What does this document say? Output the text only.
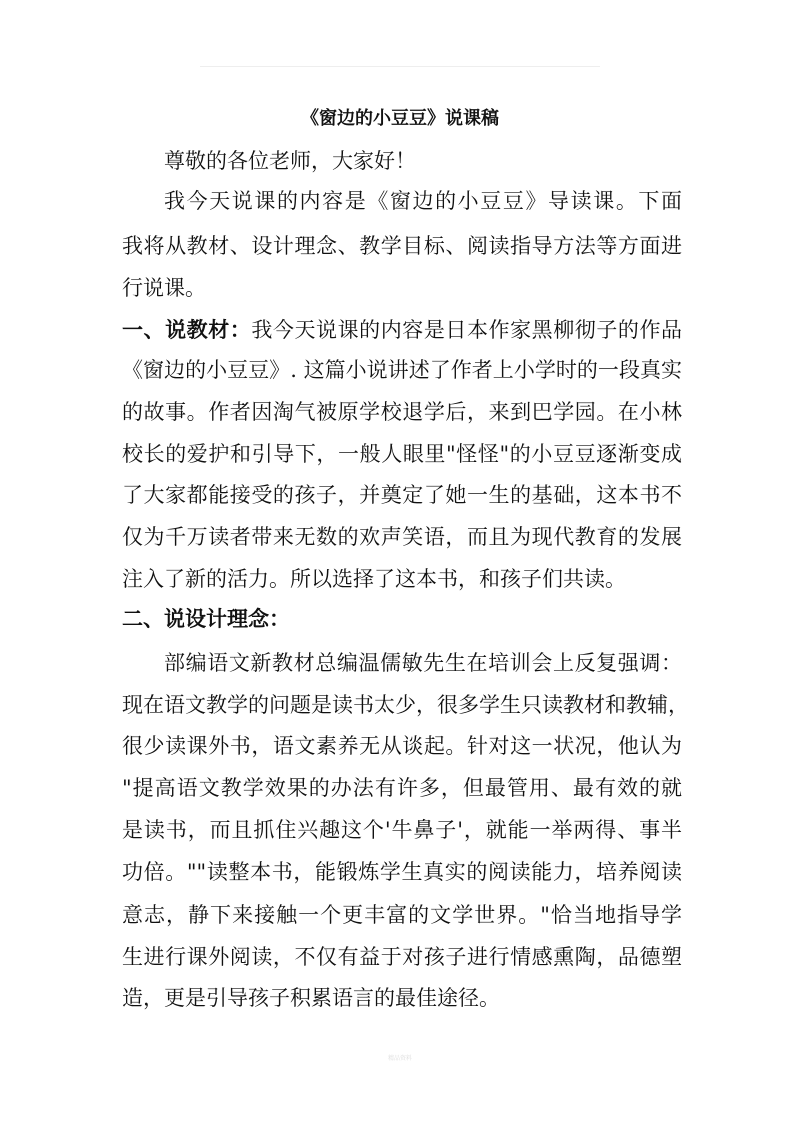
《窗边的小豆豆》说课稿
尊敬的各位老师，大家好！
我今天说课的内容是《窗边的小豆豆》导读课。下面
我将从教材、设计理念、教学目标、阅读指导方法等方面进
行说课。
一、说教材：我今天说课的内容是日本作家黑柳彻子的作品
《窗边的小豆豆》. 这篇小说讲述了作者上小学时的一段真实
的故事。作者因淘气被原学校退学后，来到巴学园。在小林
校长的爱护和引导下，一般人眼里"怪怪"的小豆豆逐渐变成
了大家都能接受的孩子，并奠定了她一生的基础，这本书不
仅为千万读者带来无数的欢声笑语，而且为现代教育的发展
注入了新的活力。所以选择了这本书，和孩子们共读。
二、说设计理念：
部编语文新教材总编温儒敏先生在培训会上反复强调：
现在语文教学的问题是读书太少，很多学生只读教材和教辅，
很少读课外书，语文素养无从谈起。针对这一状况，他认为
"提高语文教学效果的办法有许多，但最管用、最有效的就
是读书，而且抓住兴趣这个'牛鼻子'，就能一举两得、事半
功倍。""读整本书，能锻炼学生真实的阅读能力，培养阅读
意志，静下来接触一个更丰富的文学世界。"恰当地指导学
生进行课外阅读，不仅有益于对孩子进行情感熏陶，品德塑
造，更是引导孩子积累语言的最佳途径。
精品资料
